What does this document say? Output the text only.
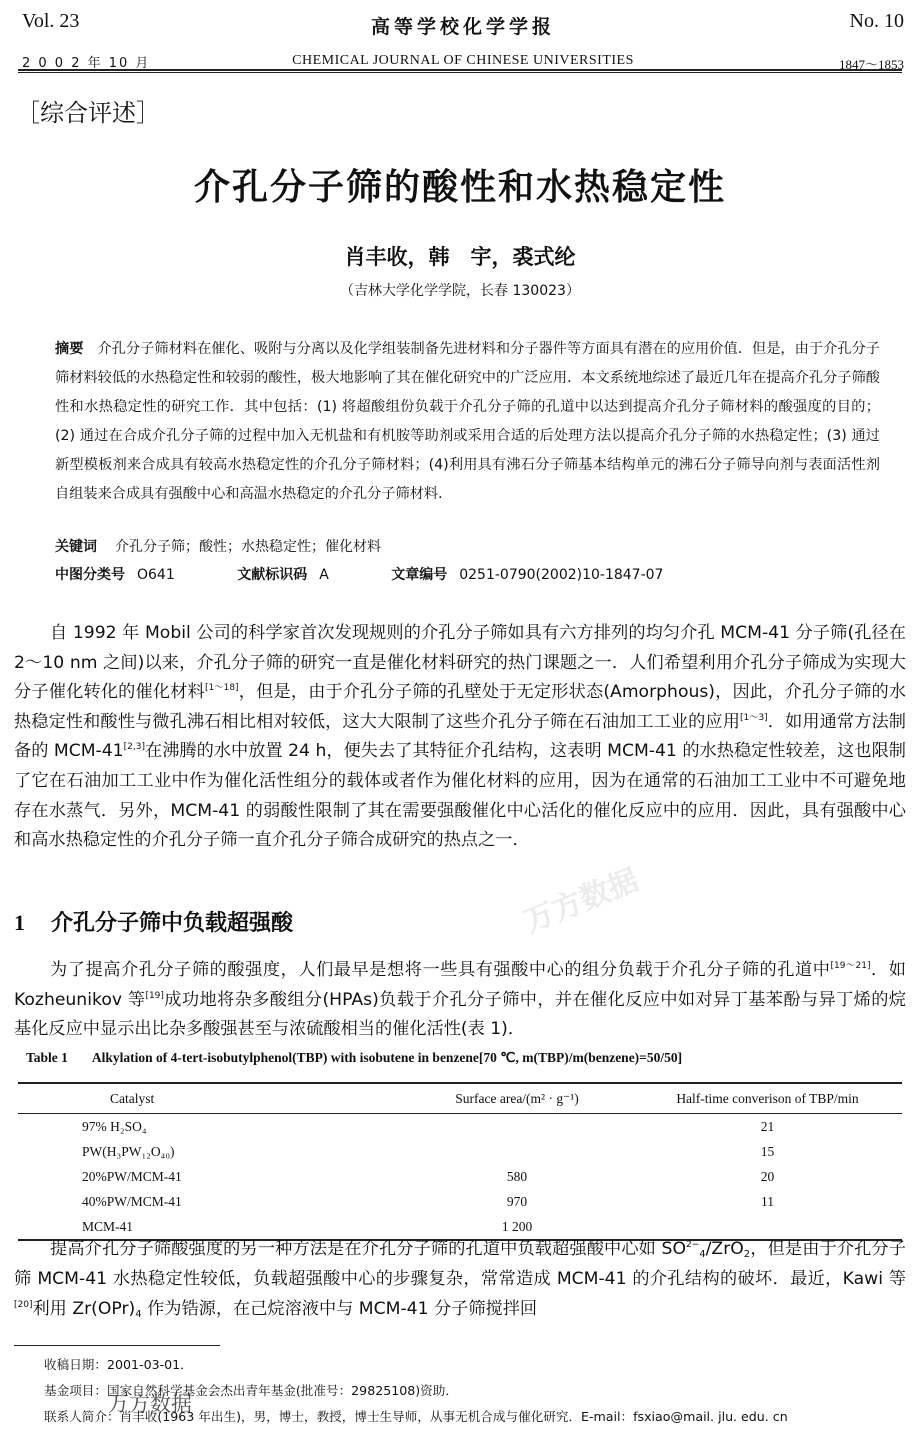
Vol. 23
2 0 0 2 年 10 月
高等学校化学学报
CHEMICAL JOURNAL OF CHINESE UNIVERSITIES
No. 10
1847～1853
［综合评述］
介孔分子筛的酸性和水热稳定性
肖丰收，韩　宇，裘式纶
（吉林大学化学学院，长春 130023）
摘要 介孔分子筛材料在催化、吸附与分离以及化学组装制备先进材料和分子器件等方面具有潜在的应用价值．但是，由于介孔分子筛材料较低的水热稳定性和较弱的酸性，极大地影响了其在催化研究中的广泛应用．本文系统地综述了最近几年在提高介孔分子筛酸性和水热稳定性的研究工作．其中包括：(1) 将超酸组份负载于介孔分子筛的孔道中以达到提高介孔分子筛材料的酸强度的目的；(2) 通过在合成介孔分子筛的过程中加入无机盐和有机胺等助剂或采用合适的后处理方法以提高介孔分子筛的水热稳定性；(3) 通过新型模板剂来合成具有较高水热稳定性的介孔分子筛材料；(4)利用具有沸石分子筛基本结构单元的沸石分子筛导向剂与表面活性剂自组装来合成具有强酸中心和高温水热稳定的介孔分子筛材料．
关键词 介孔分子筛；酸性；水热稳定性；催化材料
中图分类号 O641	文献标识码 A	文章编号 0251-0790(2002)10-1847-07
自 1992 年 Mobil 公司的科学家首次发现规则的介孔分子筛如具有六方排列的均匀介孔 MCM-41 分子筛(孔径在 2～10 nm 之间)以来，介孔分子筛的研究一直是催化材料研究的热门课题之一．人们希望利用介孔分子筛成为实现大分子催化转化的催化材料[1～18]，但是，由于介孔分子筛的孔壁处于无定形状态(Amorphous)，因此，介孔分子筛的水热稳定性和酸性与微孔沸石相比相对较低，这大大限制了这些介孔分子筛在石油加工工业的应用[1～3]．如用通常方法制备的 MCM-41[2,3]在沸腾的水中放置 24 h，便失去了其特征介孔结构，这表明 MCM-41 的水热稳定性较差，这也限制了它在石油加工工业中作为催化活性组分的载体或者作为催化材料的应用，因为在通常的石油加工工业中不可避免地存在水蒸气．另外，MCM-41 的弱酸性限制了其在需要强酸催化中心活化的催化反应中的应用．因此，具有强酸中心和高水热稳定性的介孔分子筛一直介孔分子筛合成研究的热点之一．
万方数据
1 介孔分子筛中负载超强酸
为了提高介孔分子筛的酸强度，人们最早是想将一些具有强酸中心的组分负载于介孔分子筛的孔道中[19～21]．如 Kozheunikov 等[19]成功地将杂多酸组分(HPAs)负载于介孔分子筛中，并在催化反应中如对异丁基苯酚与异丁烯的烷基化反应中显示出比杂多酸强甚至与浓硫酸相当的催化活性(表 1)．
Table 1 Alkylation of 4-tert-isobutylphenol(TBP) with isobutene in benzene[70 ℃, m(TBP)/m(benzene)=50/50]
Catalyst	Surface area/(m² · g⁻¹)	Half-time converison of TBP/min
97% H₂SO₄		21
PW(H₃PW₁₂O₄₀)		15
20%PW/MCM-41	580	20
40%PW/MCM-41	970	11
MCM-41	1 200	
提高介孔分子筛酸强度的另一种方法是在介孔分子筛的孔道中负载超强酸中心如 $SO^{2-}_4/ZrO_2$，但是由于介孔分子筛 MCM-41 水热稳定性较低，负载超强酸中心的步骤复杂，常常造成 MCM-41 的介孔结构的破坏．最近，Kawi 等[20]利用 $Zr(OPr)_4$ 作为锆源，在己烷溶液中与 MCM-41 分子筛搅拌回
收稿日期：2001-03-01．
基金项目：国家自然科学基金会杰出青年基金(批准号：29825108)资助．
联系人简介：肖丰收(1963 年出生)，男，博士，教授，博士生导师，从事无机合成与催化研究．E-mail：fsxiao@mail. jlu. edu. cn
万方数据
